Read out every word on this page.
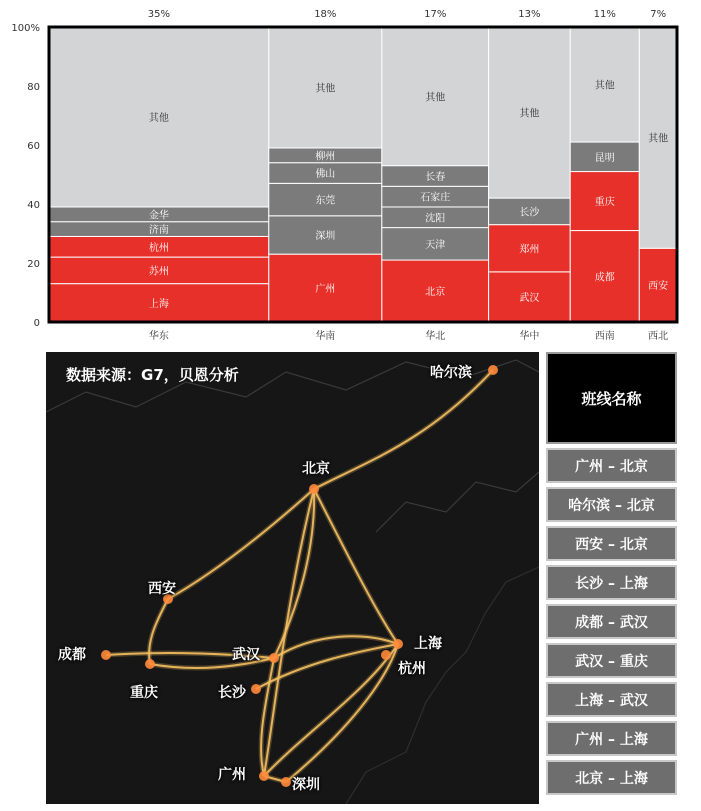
上海
苏州
杭州
济南
金华
其他
35%
华东
广州
深圳
东莞
佛山
柳州
其他
18%
华南
北京
天津
沈阳
石家庄
长春
其他
17%
华北
武汉
郑州
长沙
其他
13%
华中
成都
重庆
昆明
其他
11%
西南
西安
其他
7%
西北
0
20
40
60
80
100%
数据来源：G7，贝恩分析	哈尔滨
北京
西安
成都
重庆
武汉
长沙
上海
杭州
广州
深圳
班线名称
广州 – 北京
哈尔滨 – 北京
西安 – 北京
长沙 – 上海
成都 – 武汉
武汉 – 重庆
上海 – 武汉
广州 – 上海
北京 – 上海
